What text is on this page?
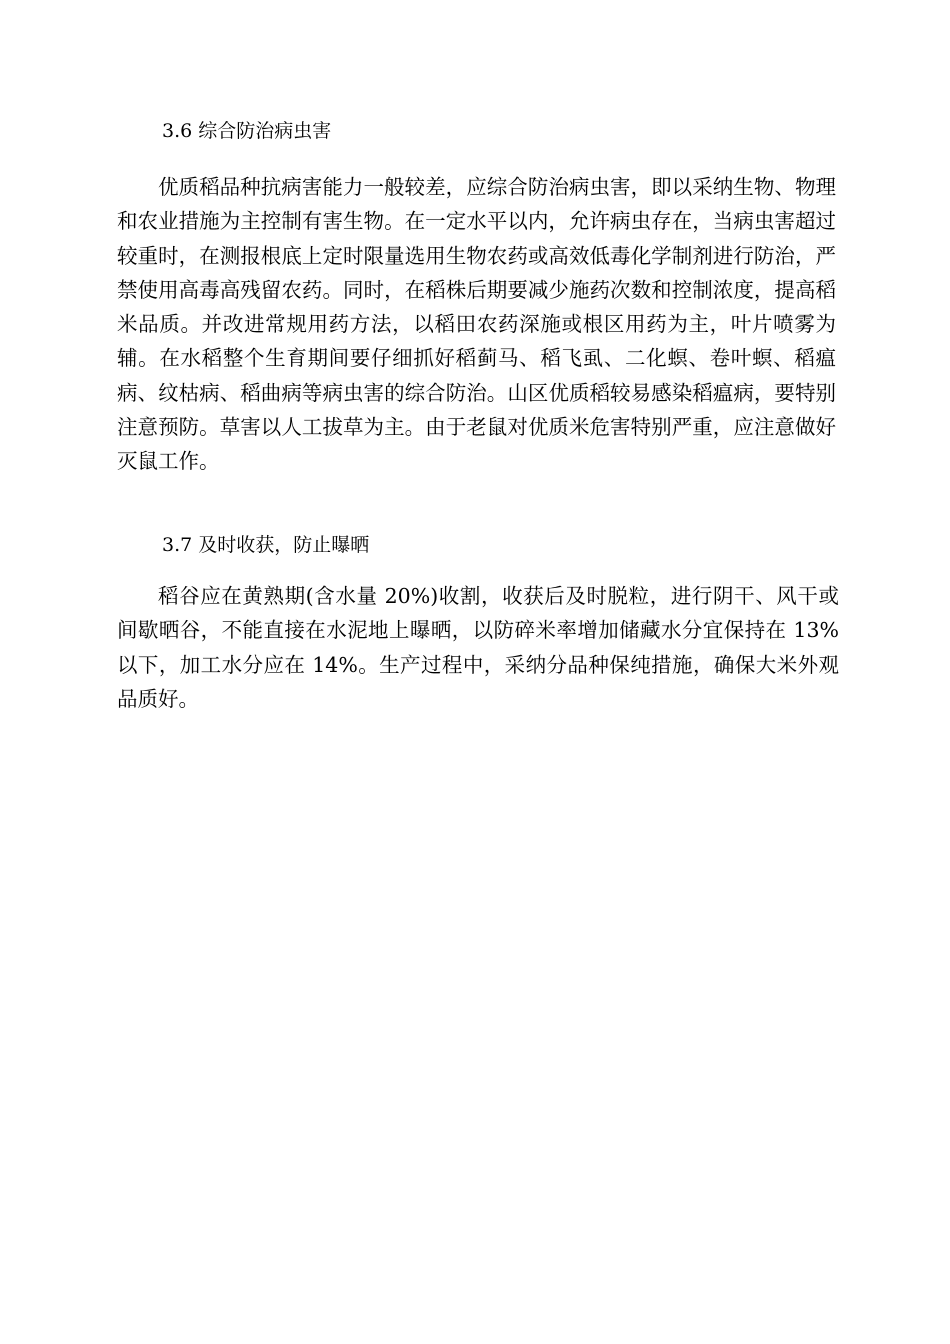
3.6 综合防治病虫害

优质稻品种抗病害能力一般较差，应综合防治病虫害，即以采纳生物、物理和农业措施为主控制有害生物。在一定水平以内，允许病虫存在，当病虫害超过较重时，在测报根底上定时限量选用生物农药或高效低毒化学制剂进行防治，严禁使用高毒高残留农药。同时，在稻株后期要减少施药次数和控制浓度，提高稻米品质。并改进常规用药方法，以稻田农药深施或根区用药为主，叶片喷雾为辅。在水稻整个生育期间要仔细抓好稻蓟马、稻飞虱、二化螟、卷叶螟、稻瘟病、纹枯病、稻曲病等病虫害的综合防治。山区优质稻较易感染稻瘟病，要特别注意预防。草害以人工拔草为主。由于老鼠对优质米危害特别严重，应注意做好灭鼠工作。

3.7 及时收获，防止曝晒

稻谷应在黄熟期(含水量 20%)收割，收获后及时脱粒，进行阴干、风干或间歇晒谷，不能直接在水泥地上曝晒，以防碎米率增加储藏水分宜保持在 13%以下，加工水分应在 14%。生产过程中，采纳分品种保纯措施，确保大米外观品质好。
